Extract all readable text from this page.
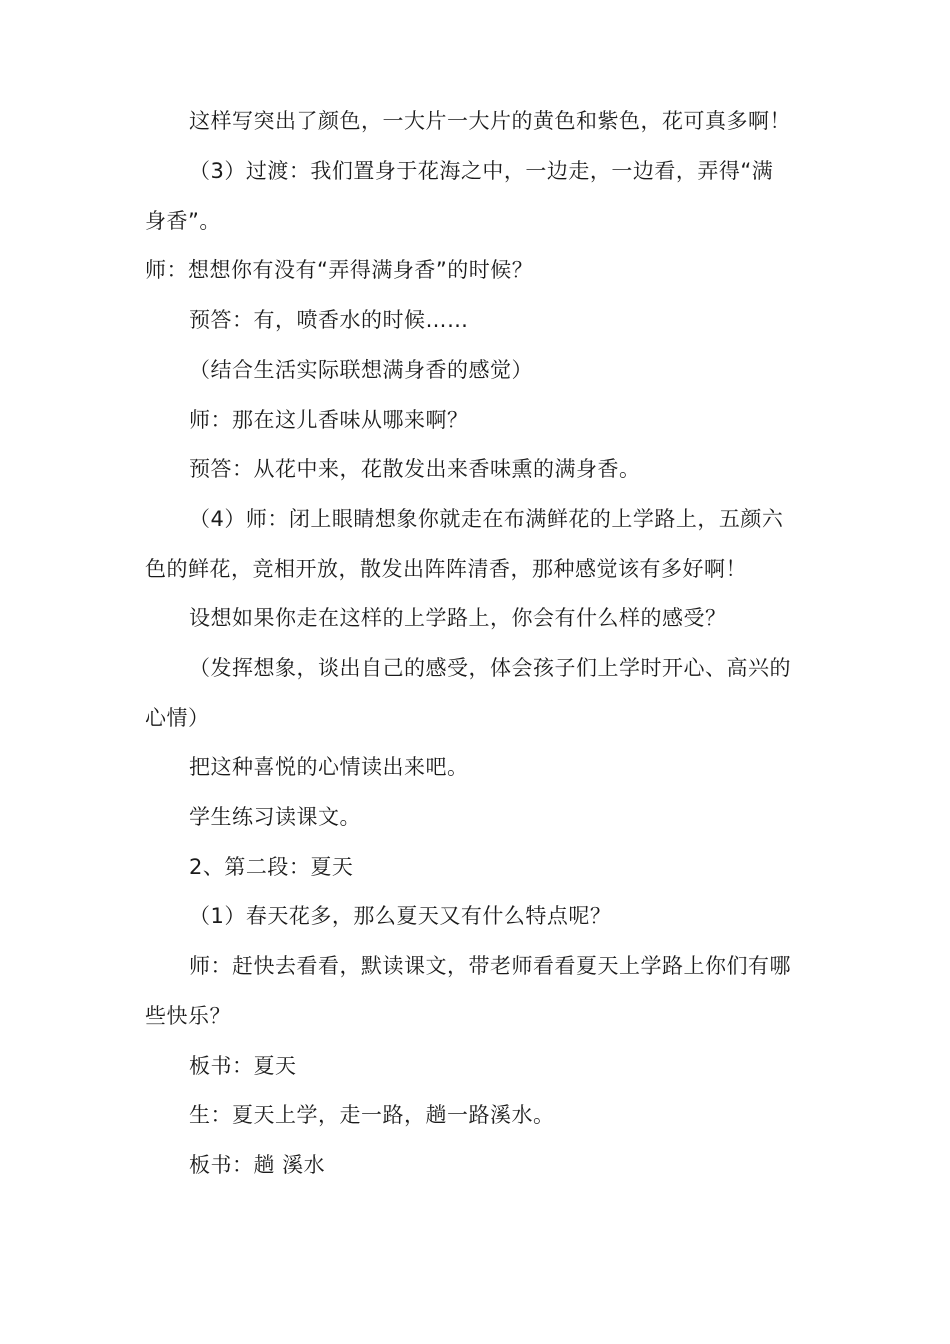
这样写突出了颜色，一大片一大片的黄色和紫色，花可真多啊！
（3）过渡：我们置身于花海之中，一边走，一边看，弄得“满
身香”。
师：想想你有没有“弄得满身香”的时候？
预答：有，喷香水的时候……
（结合生活实际联想满身香的感觉）
师：那在这儿香味从哪来啊？
预答：从花中来，花散发出来香味熏的满身香。
（4）师：闭上眼睛想象你就走在布满鲜花的上学路上，五颜六
色的鲜花，竞相开放，散发出阵阵清香，那种感觉该有多好啊！
设想如果你走在这样的上学路上，你会有什么样的感受？
（发挥想象，谈出自己的感受，体会孩子们上学时开心、高兴的
心情）
把这种喜悦的心情读出来吧。
学生练习读课文。
2、第二段：夏天
（1）春天花多，那么夏天又有什么特点呢？
师：赶快去看看，默读课文，带老师看看夏天上学路上你们有哪
些快乐？
板书：夏天
生：夏天上学，走一路，趟一路溪水。
板书：趟 溪水
